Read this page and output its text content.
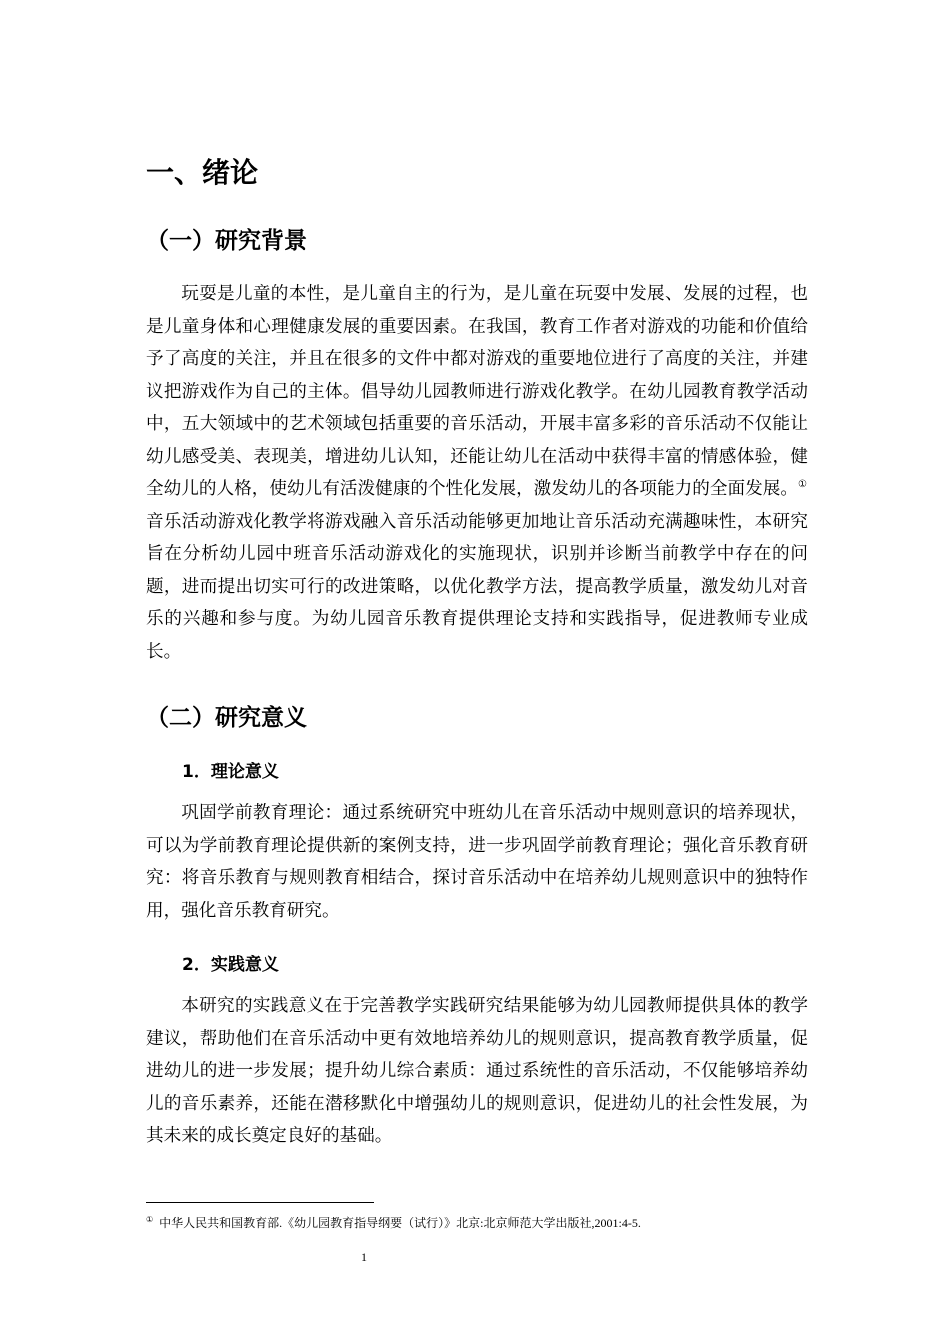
一、绪论
（一）研究背景

玩耍是儿童的本性，是儿童自主的行为，是儿童在玩耍中发展、发展的过程，也是儿童身体和心理健康发展的重要因素。在我国，教育工作者对游戏的功能和价值给予了高度的关注，并且在很多的文件中都对游戏的重要地位进行了高度的关注，并建议把游戏作为自己的主体。倡导幼儿园教师进行游戏化教学。在幼儿园教育教学活动中，五大领域中的艺术领域包括重要的音乐活动，开展丰富多彩的音乐活动不仅能让幼儿感受美、表现美，增进幼儿认知，还能让幼儿在活动中获得丰富的情感体验，健全幼儿的人格，使幼儿有活泼健康的个性化发展，激发幼儿的各项能力的全面发展。①音乐活动游戏化教学将游戏融入音乐活动能够更加地让音乐活动充满趣味性，本研究旨在分析幼儿园中班音乐活动游戏化的实施现状，识别并诊断当前教学中存在的问题，进而提出切实可行的改进策略，以优化教学方法，提高教学质量，激发幼儿对音乐的兴趣和参与度。为幼儿园音乐教育提供理论支持和实践指导，促进教师专业成长。

（二）研究意义
1．理论意义

巩固学前教育理论：通过系统研究中班幼儿在音乐活动中规则意识的培养现状，可以为学前教育理论提供新的案例支持，进一步巩固学前教育理论；强化音乐教育研究：将音乐教育与规则教育相结合，探讨音乐活动中在培养幼儿规则意识中的独特作用，强化音乐教育研究。

2．实践意义

本研究的实践意义在于完善教学实践研究结果能够为幼儿园教师提供具体的教学建议，帮助他们在音乐活动中更有效地培养幼儿的规则意识，提高教育教学质量，促进幼儿的进一步发展；提升幼儿综合素质：通过系统性的音乐活动，不仅能够培养幼儿的音乐素养，还能在潜移默化中增强幼儿的规则意识，促进幼儿的社会性发展，为其未来的成长奠定良好的基础。

① 中华人民共和国教育部.《幼儿园教育指导纲要（试行）》北京:北京师范大学出版社,2001:4-5.

1
